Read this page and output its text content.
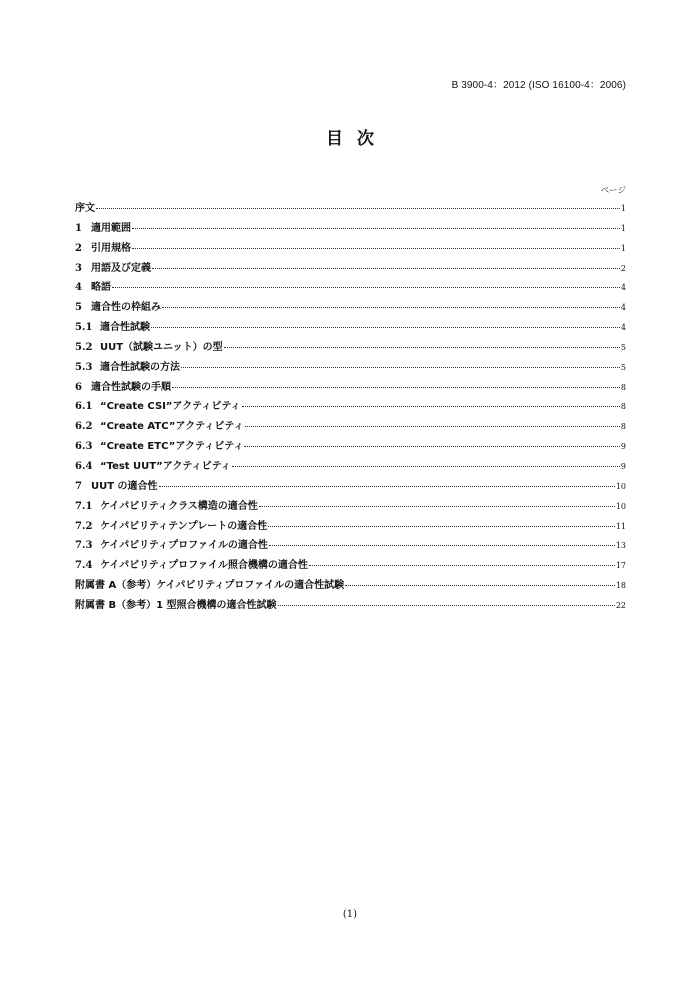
B 3900-4：2012 (ISO 16100-4：2006)
目次
ページ
序文	1
1 適用範囲	1
2 引用規格	1
3 用語及び定義	2
4 略語	4
5 適合性の枠組み	4
5.1 適合性試験	4
5.2 UUT（試験ユニット）の型	5
5.3 適合性試験の方法	5
6 適合性試験の手順	8
6.1 “Create CSI”アクティビティ	8
6.2 “Create ATC”アクティビティ	8
6.3 “Create ETC”アクティビティ	9
6.4 “Test UUT”アクティビティ	9
7 UUT の適合性	10
7.1 ケイパビリティクラス構造の適合性	10
7.2 ケイパビリティテンプレートの適合性	11
7.3 ケイパビリティプロファイルの適合性	13
7.4 ケイパビリティプロファイル照合機構の適合性	17
附属書 A（参考）ケイパビリティプロファイルの適合性試験	18
附属書 B（参考）1 型照合機構の適合性試験	22
(1)
